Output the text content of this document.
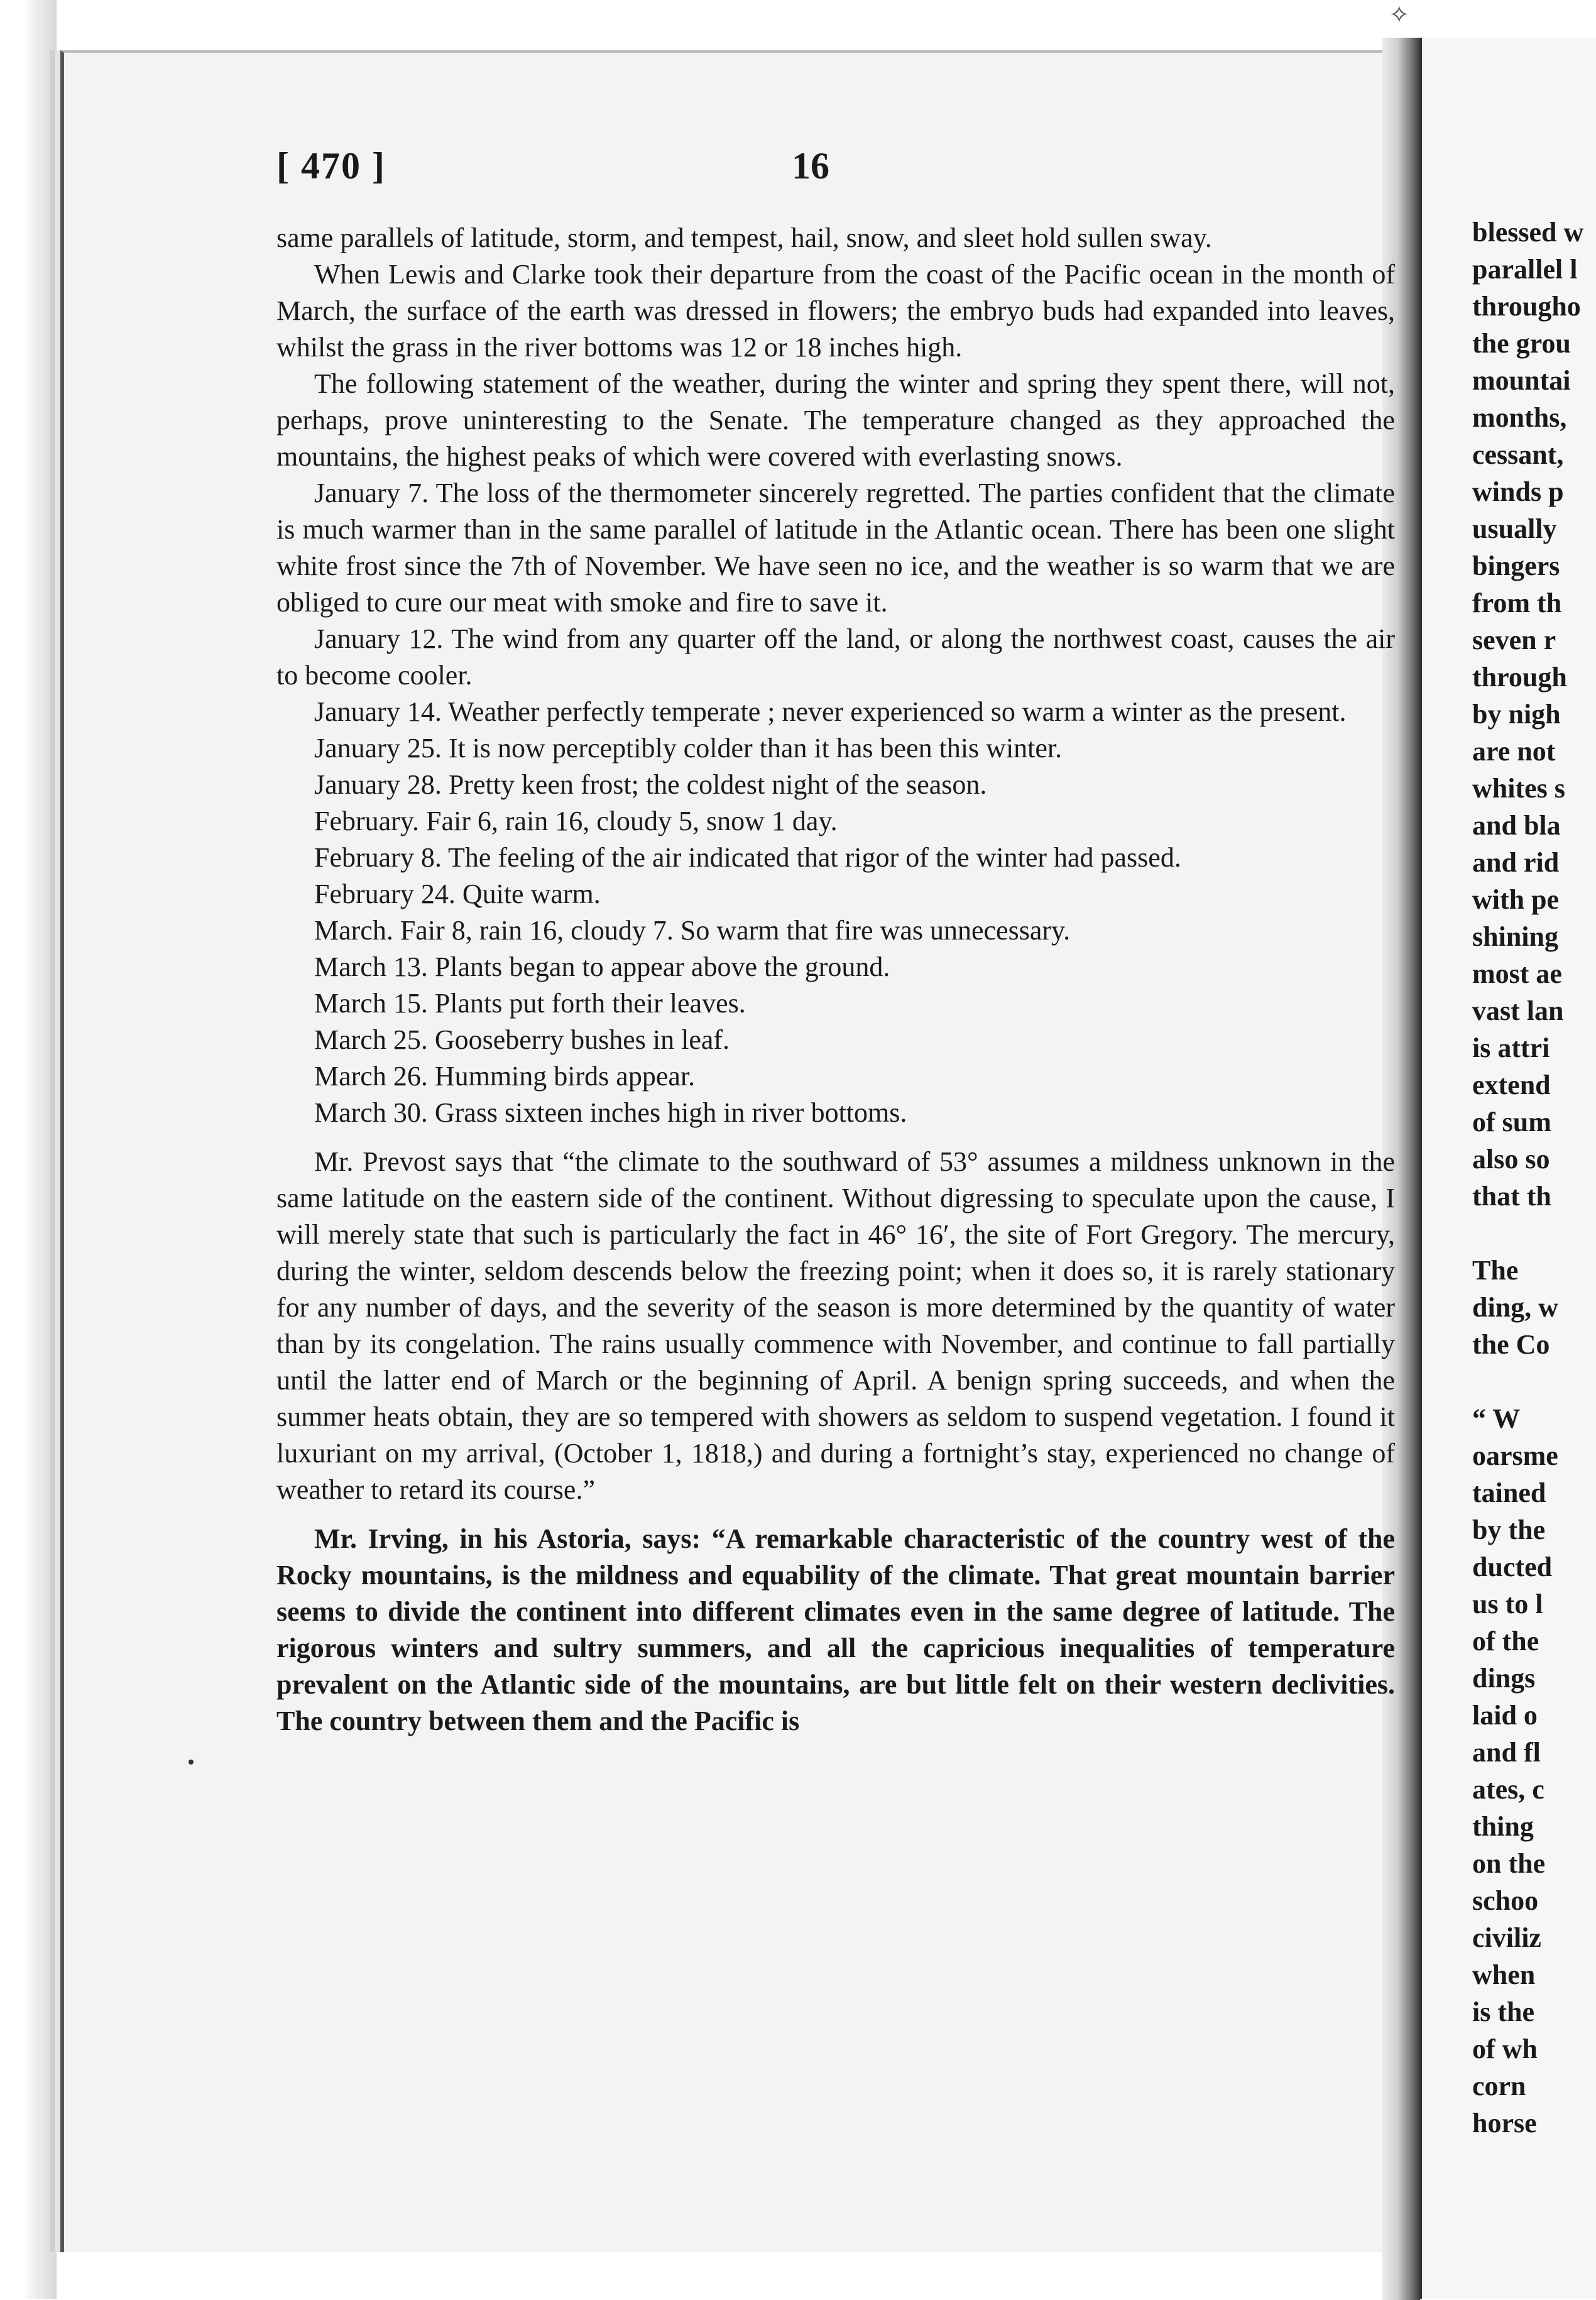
✧
[ 470 ]	16

same parallels of latitude, storm, and tempest, hail, snow, and sleet hold sullen sway.

When Lewis and Clarke took their departure from the coast of the Pacific ocean in the month of March, the surface of the earth was dressed in flowers; the embryo buds had expanded into leaves, whilst the grass in the river bottoms was 12 or 18 inches high.

The following statement of the weather, during the winter and spring they spent there, will not, perhaps, prove uninteresting to the Senate. The temperature changed as they approached the mountains, the highest peaks of which were covered with everlasting snows.

January 7. The loss of the thermometer sincerely regretted. The parties confident that the climate is much warmer than in the same parallel of latitude in the Atlantic ocean. There has been one slight white frost since the 7th of November. We have seen no ice, and the weather is so warm that we are obliged to cure our meat with smoke and fire to save it.

January 12. The wind from any quarter off the land, or along the northwest coast, causes the air to become cooler.

January 14. Weather perfectly temperate ; never experienced so warm a winter as the present.

January 25. It is now perceptibly colder than it has been this winter.

January 28. Pretty keen frost; the coldest night of the season.

February. Fair 6, rain 16, cloudy 5, snow 1 day.

February 8. The feeling of the air indicated that rigor of the winter had passed.

February 24. Quite warm.

March. Fair 8, rain 16, cloudy 7. So warm that fire was unnecessary.

March 13. Plants began to appear above the ground.

March 15. Plants put forth their leaves.

March 25. Gooseberry bushes in leaf.

March 26. Humming birds appear.

March 30. Grass sixteen inches high in river bottoms.

Mr. Prevost says that “the climate to the southward of 53° assumes a mildness unknown in the same latitude on the eastern side of the continent. Without digressing to speculate upon the cause, I will merely state that such is particularly the fact in 46° 16′, the site of Fort Gregory. The mercury, during the winter, seldom descends below the freezing point; when it does so, it is rarely stationary for any number of days, and the severity of the season is more determined by the quantity of water than by its congelation. The rains usually commence with November, and continue to fall partially until the latter end of March or the beginning of April. A benign spring succeeds, and when the summer heats obtain, they are so tempered with showers as seldom to suspend vegetation. I found it luxuriant on my arrival, (October 1, 1818,) and during a fortnight’s stay, experienced no change of weather to retard its course.”

Mr. Irving, in his Astoria, says: “A remarkable characteristic of the country west of the Rocky mountains, is the mildness and equability of the climate. That great mountain barrier seems to divide the continent into different climates even in the same degree of latitude. The rigorous winters and sultry summers, and all the capricious inequalities of temperature prevalent on the Atlantic side of the mountains, are but little felt on their western declivities. The country between them and the Pacific is

blessed w
parallel l
througho
the grou
mountai
months,
cessant,
winds p
usually
bingers
from th
seven r
through
by nigh
are not
whites s
and bla
and rid
with pe
shining
most ae
vast lan
is attri
extend
of sum
also so
that th
The
ding, w
the Co
“ W
oarsme
tained
by the
ducted
us to l
of the
dings
laid o
and fl
ates, c
thing
on the
schoo
civiliz
when
is the
of wh
corn
horse
